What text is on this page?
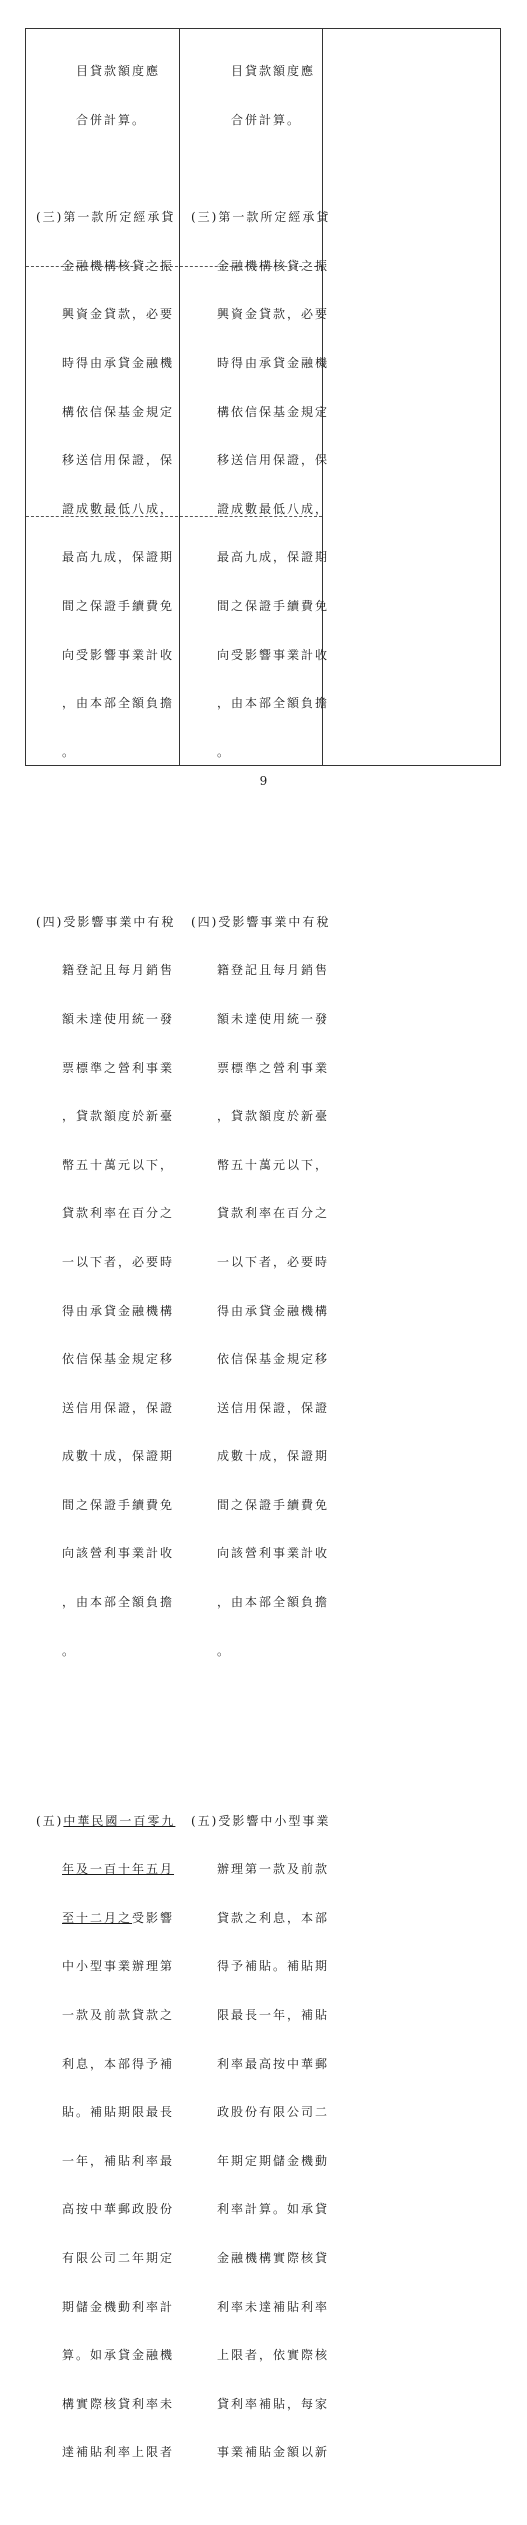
目貸款額度應

合併計算。

(三)第一款所定經承貸

金融機構核貸之振

興資金貸款，必要

時得由承貸金融機

構依信保基金規定

移送信用保證，保

證成數最低八成，

最高九成，保證期

間之保證手續費免

向受影響事業計收

，由本部全額負擔

。

(四)受影響事業中有稅

籍登記且每月銷售

額未達使用統一發

票標準之營利事業

，貸款額度於新臺

幣五十萬元以下，

貸款利率在百分之

一以下者，必要時

得由承貸金融機構

依信保基金規定移

送信用保證，保證

成數十成，保證期

間之保證手續費免

向該營利事業計收

，由本部全額負擔

。

(五)中華民國一百零九

年及一百十年五月

至十二月之受影響

中小型事業辦理第

一款及前款貸款之

利息，本部得予補

貼。補貼期限最長

一年，補貼利率最

高按中華郵政股份

有限公司二年期定

期儲金機動利率計

算。如承貸金融機

構實際核貸利率未

達補貼利率上限者

目貸款額度應

合併計算。

(三)第一款所定經承貸

金融機構核貸之振

興資金貸款，必要

時得由承貸金融機

構依信保基金規定

移送信用保證，保

證成數最低八成，

最高九成，保證期

間之保證手續費免

向受影響事業計收

，由本部全額負擔

。

(四)受影響事業中有稅

籍登記且每月銷售

額未達使用統一發

票標準之營利事業

，貸款額度於新臺

幣五十萬元以下，

貸款利率在百分之

一以下者，必要時

得由承貸金融機構

依信保基金規定移

送信用保證，保證

成數十成，保證期

間之保證手續費免

向該營利事業計收

，由本部全額負擔

。

(五)受影響中小型事業

辦理第一款及前款

貸款之利息，本部

得予補貼。補貼期

限最長一年，補貼

利率最高按中華郵

政股份有限公司二

年期定期儲金機動

利率計算。如承貸

金融機構實際核貸

利率未達補貼利率

上限者，依實際核

貸利率補貼，每家

事業補貼金額以新

9
